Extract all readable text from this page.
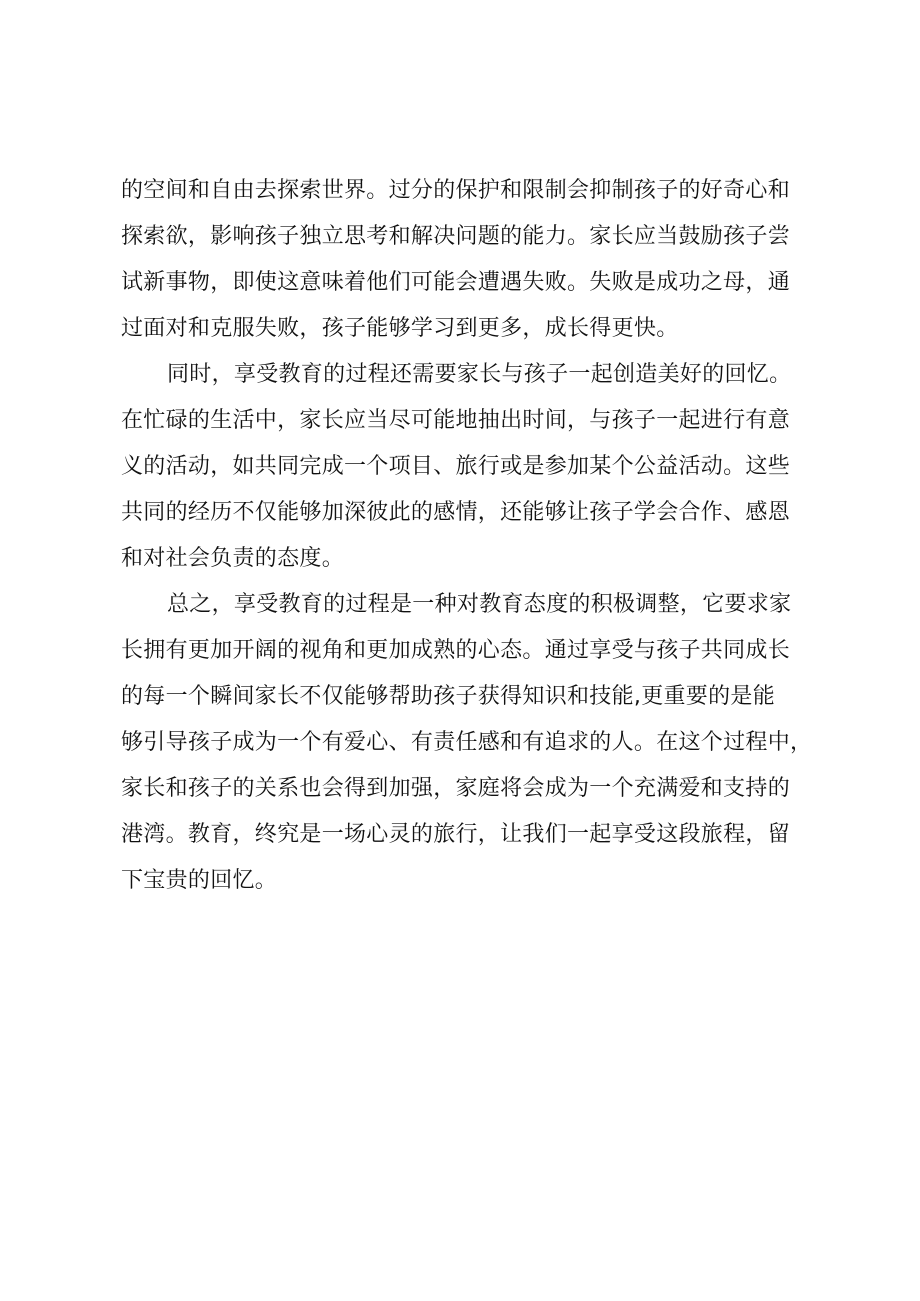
的空间和自由去探索世界。过分的保护和限制会抑制孩子的好奇心和
探索欲，影响孩子独立思考和解决问题的能力。家长应当鼓励孩子尝
试新事物，即使这意味着他们可能会遭遇失败。失败是成功之母，通
过面对和克服失败，孩子能够学习到更多，成长得更快。
同时，享受教育的过程还需要家长与孩子一起创造美好的回忆。
在忙碌的生活中，家长应当尽可能地抽出时间，与孩子一起进行有意
义的活动，如共同完成一个项目、旅行或是参加某个公益活动。这些
共同的经历不仅能够加深彼此的感情，还能够让孩子学会合作、感恩
和对社会负责的态度。
总之，享受教育的过程是一种对教育态度的积极调整，它要求家
长拥有更加开阔的视角和更加成熟的心态。通过享受与孩子共同成长
的每一个瞬间家长不仅能够帮助孩子获得知识和技能,更重要的是能
够引导孩子成为一个有爱心、有责任感和有追求的人。在这个过程中，
家长和孩子的关系也会得到加强，家庭将会成为一个充满爱和支持的
港湾。教育，终究是一场心灵的旅行，让我们一起享受这段旅程，留
下宝贵的回忆。
